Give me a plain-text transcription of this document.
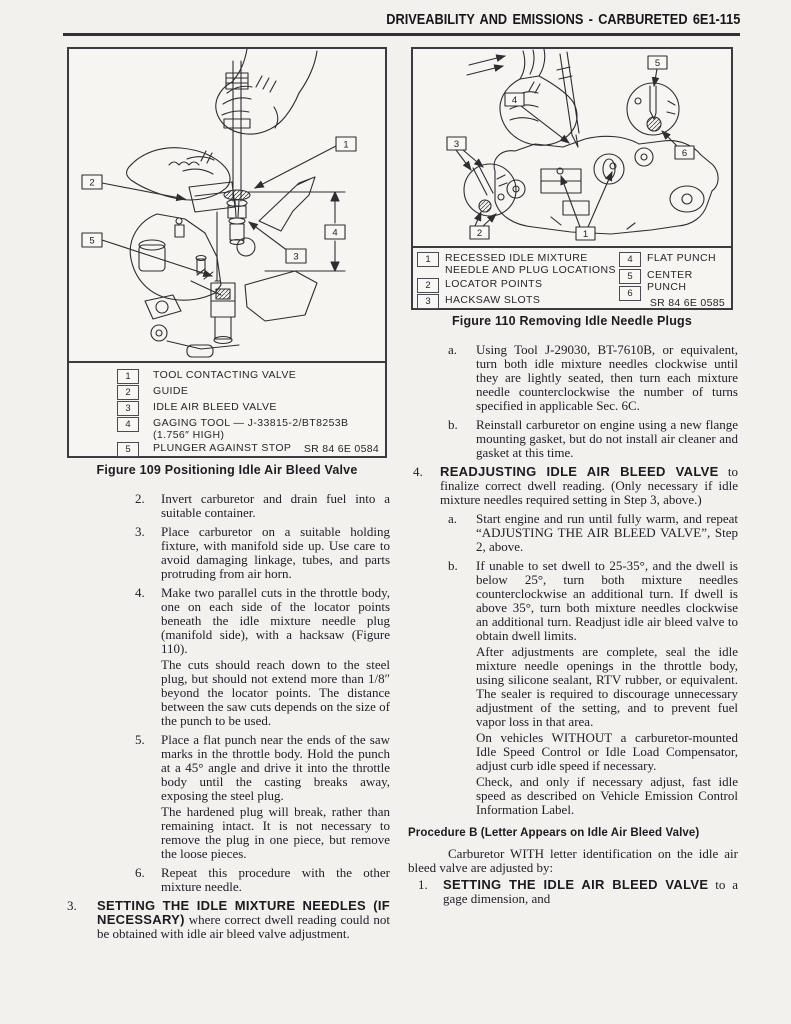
DRIVEABILITY AND EMISSIONS - CARBURETED 6E1-115
1
2
5
3
4
1	TOOL CONTACTING VALVE
2	GUIDE
3	IDLE AIR BLEED VALVE
4	GAGING TOOL — J-33815-2/BT8253B
(1.756″ HIGH)
5	PLUNGER AGAINST STOP SR 84 6E 0584
Figure 109 Positioning Idle Air Bleed Valve
5
6
4
3
2	1
1	RECESSED IDLE MIXTURE
NEEDLE AND PLUG LOCATIONS
2	LOCATOR POINTS
3	HACKSAW SLOTS
4	FLAT PUNCH
5	CENTER PUNCH
6
SR 84 6E 0585
Figure 110 Removing Idle Needle Plugs
2. Invert carburetor and drain fuel into a suitable container.
3. Place carburetor on a suitable holding fixture, with manifold side up. Use care to avoid damaging linkage, tubes, and parts protruding from air horn.
4. Make two parallel cuts in the throttle body, one on each side of the locator points beneath the idle mixture needle plug (manifold side), with a hacksaw (Figure 110).
The cuts should reach down to the steel plug, but should not extend more than 1/8″ beyond the locator points. The distance between the saw cuts depends on the size of the punch to be used.
5. Place a flat punch near the ends of the saw marks in the throttle body. Hold the punch at a 45° angle and drive it into the throttle body until the casting breaks away, exposing the steel plug.
The hardened plug will break, rather than remaining intact. It is not necessary to remove the plug in one piece, but remove the loose pieces.
6. Repeat this procedure with the other mixture needle.
3. SETTING THE IDLE MIXTURE NEEDLES (IF NECESSARY) where correct dwell reading could not be obtained with idle air bleed valve adjustment.
a. Using Tool J-29030, BT-7610B, or equivalent, turn both idle mixture needles clockwise until they are lightly seated, then turn each mixture needle counterclockwise the number of turns specified in applicable Sec. 6C.
b. Reinstall carburetor on engine using a new flange mounting gasket, but do not install air cleaner and gasket at this time.
4. READJUSTING IDLE AIR BLEED VALVE to finalize correct dwell reading. (Only necessary if idle mixture needles required setting in Step 3, above.)
a. Start engine and run until fully warm, and repeat “ADJUSTING THE AIR BLEED VALVE”, Step 2, above.
b. If unable to set dwell to 25-35°, and the dwell is below 25°, turn both mixture needles counterclockwise an additional turn. If dwell is above 35°, turn both mixture needles clockwise an additional turn. Readjust idle air bleed valve to obtain dwell limits.
After adjustments are complete, seal the idle mixture needle openings in the throttle body, using silicone sealant, RTV rubber, or equivalent. The sealer is required to discourage unnecessary adjustment of the setting, and to prevent fuel vapor loss in that area.
On vehicles WITHOUT a carburetor-mounted Idle Speed Control or Idle Load Compensator, adjust curb idle speed if necessary.
Check, and only if necessary adjust, fast idle speed as described on Vehicle Emission Control Information Label.
Procedure B (Letter Appears on Idle Air Bleed Valve)
Carburetor WITH letter identification on the idle air bleed valve are adjusted by:
1. SETTING THE IDLE AIR BLEED VALVE to a gage dimension, and
